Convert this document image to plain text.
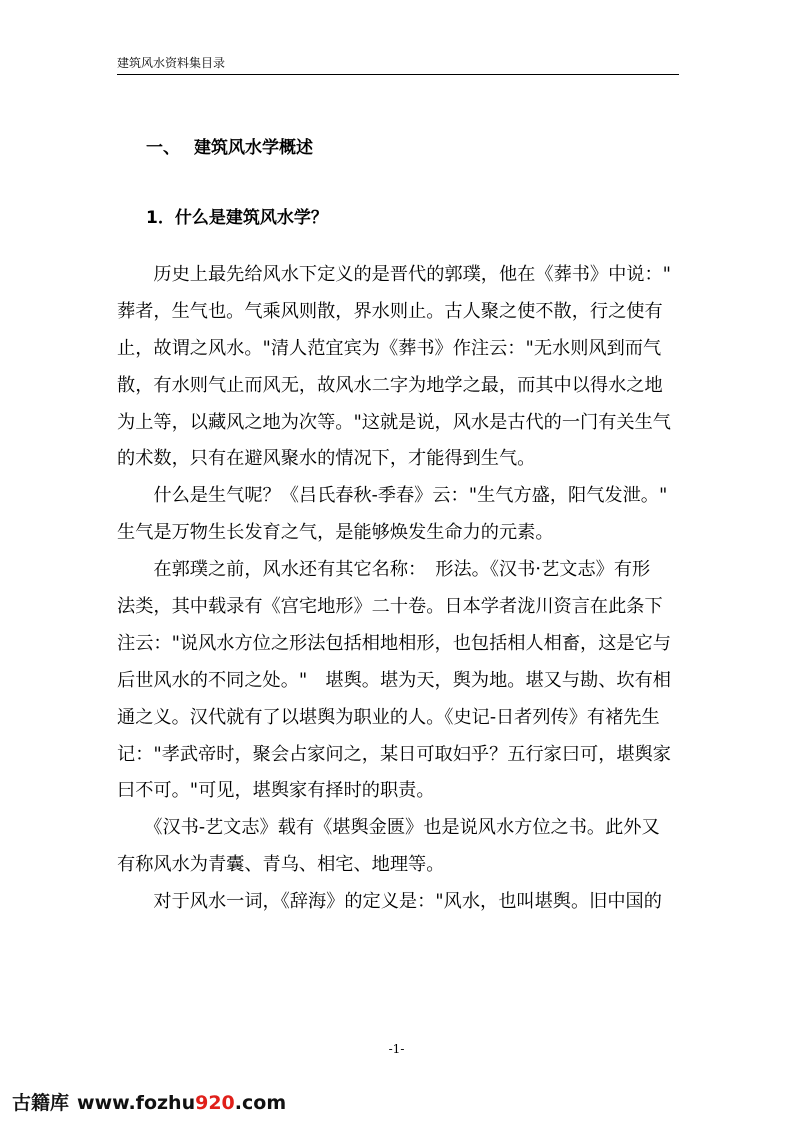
建筑风水资料集目录
一、 建筑风水学概述
1．什么是建筑风水学？
　　历史上最先给风水下定义的是晋代的郭璞，他在《葬书》中说："
葬者，生气也。气乘风则散，界水则止。古人聚之使不散，行之使有
止，故谓之风水。"清人范宜宾为《葬书》作注云："无水则风到而气
散，有水则气止而风无，故风水二字为地学之最，而其中以得水之地
为上等，以藏风之地为次等。"这就是说，风水是古代的一门有关生气
的术数，只有在避风聚水的情况下，才能得到生气。
　　什么是生气呢？《吕氏春秋-季春》云："生气方盛，阳气发泄。"
生气是万物生长发育之气，是能够焕发生命力的元素。
　　在郭璞之前，风水还有其它名称：　形法。《汉书·艺文志》有形
法类，其中载录有《宫宅地形》二十卷。日本学者泷川资言在此条下
注云："说风水方位之形法包括相地相形，也包括相人相畜，这是它与
后世风水的不同之处。"　堪舆。堪为天，舆为地。堪又与勘、坎有相
通之义。汉代就有了以堪舆为职业的人。《史记-日者列传》有褚先生
记："孝武帝时，聚会占家问之，某日可取妇乎？五行家曰可，堪舆家
曰不可。"可见，堪舆家有择时的职责。
　　《汉书-艺文志》载有《堪舆金匮》也是说风水方位之书。此外又
有称风水为青囊、青乌、相宅、地理等。
　　对于风水一词，《辞海》的定义是："风水，也叫堪舆。旧中国的
-1-
古籍库 www.fozhu920.com
